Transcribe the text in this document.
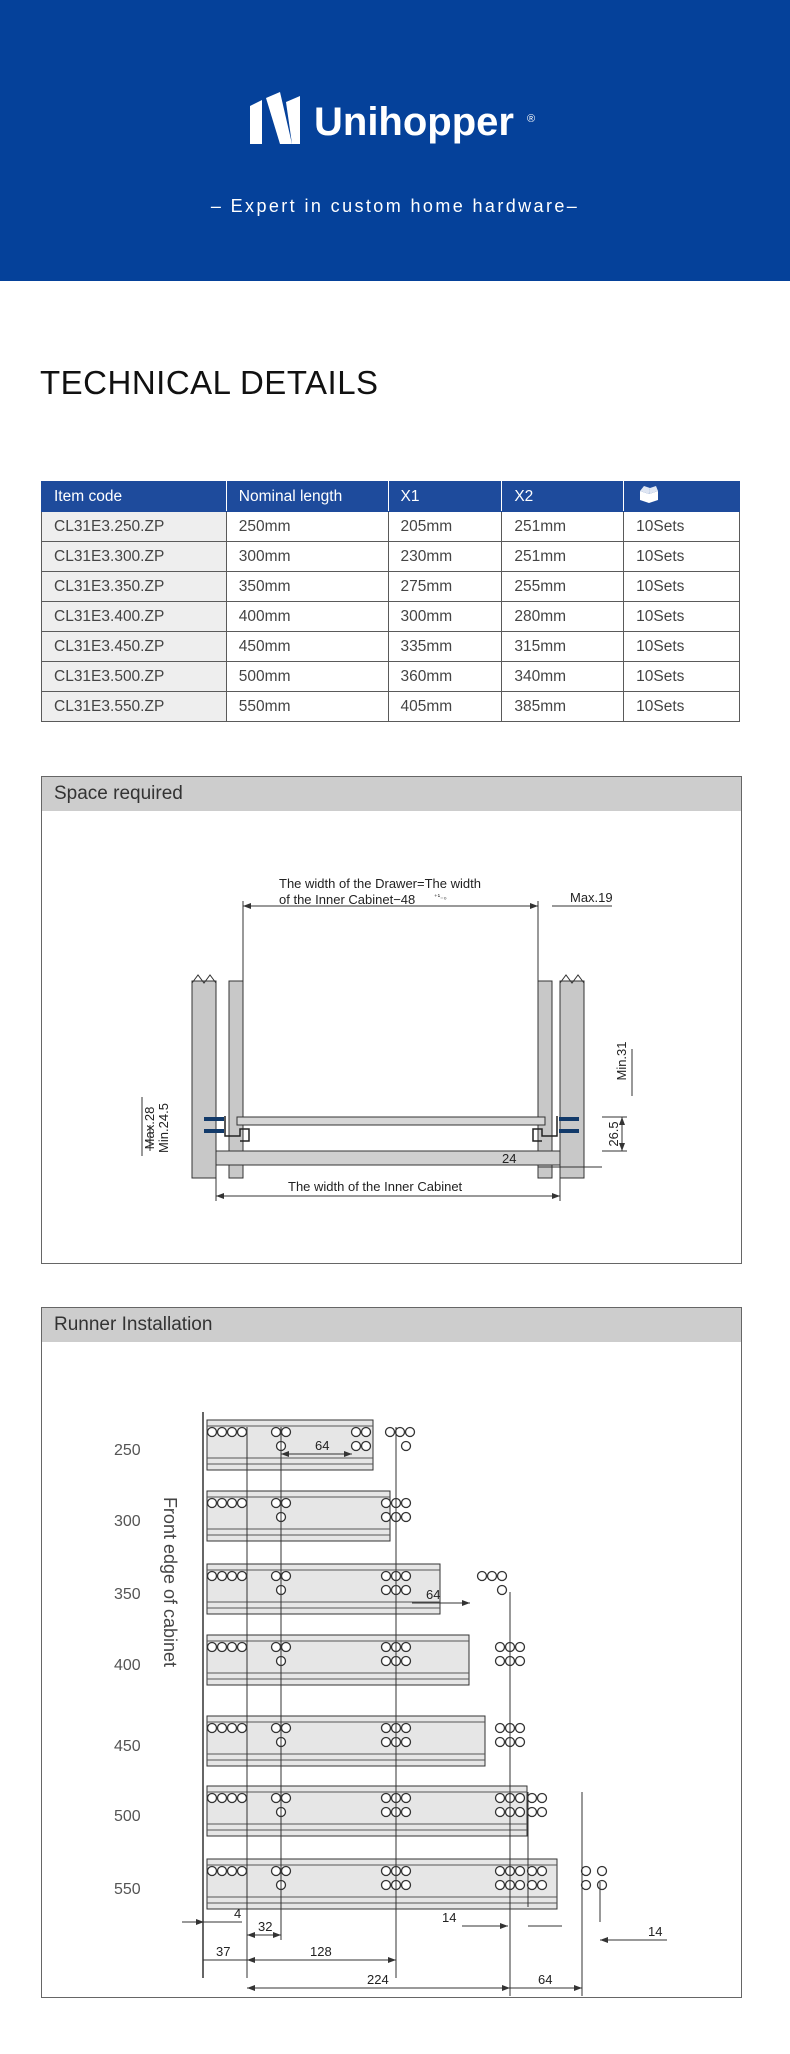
Unihopper ®
– Expert in custom home hardware–
TECHNICAL DETAILS
Item code	Nominal length	X1	X2	
CL31E3.250.ZP	250mm	205mm	251mm	10Sets
CL31E3.300.ZP	300mm	230mm	251mm	10Sets
CL31E3.350.ZP	350mm	275mm	255mm	10Sets
CL31E3.400.ZP	400mm	300mm	280mm	10Sets
CL31E3.450.ZP	450mm	335mm	315mm	10Sets
CL31E3.500.ZP	500mm	360mm	340mm	10Sets
CL31E3.550.ZP	550mm	405mm	385mm	10Sets
Space required
The width of the Drawer=The width
of the Inner Cabinet−48	⁺¹₋₀	Max.19
Min.31
26.5
Max.28 Min.24.5
24
The width of the Inner Cabinet
Runner Installation
Front edge of cabinet
250
300
350
400
450
500
550
64
64
4
32
14
14
37	128
224	64
